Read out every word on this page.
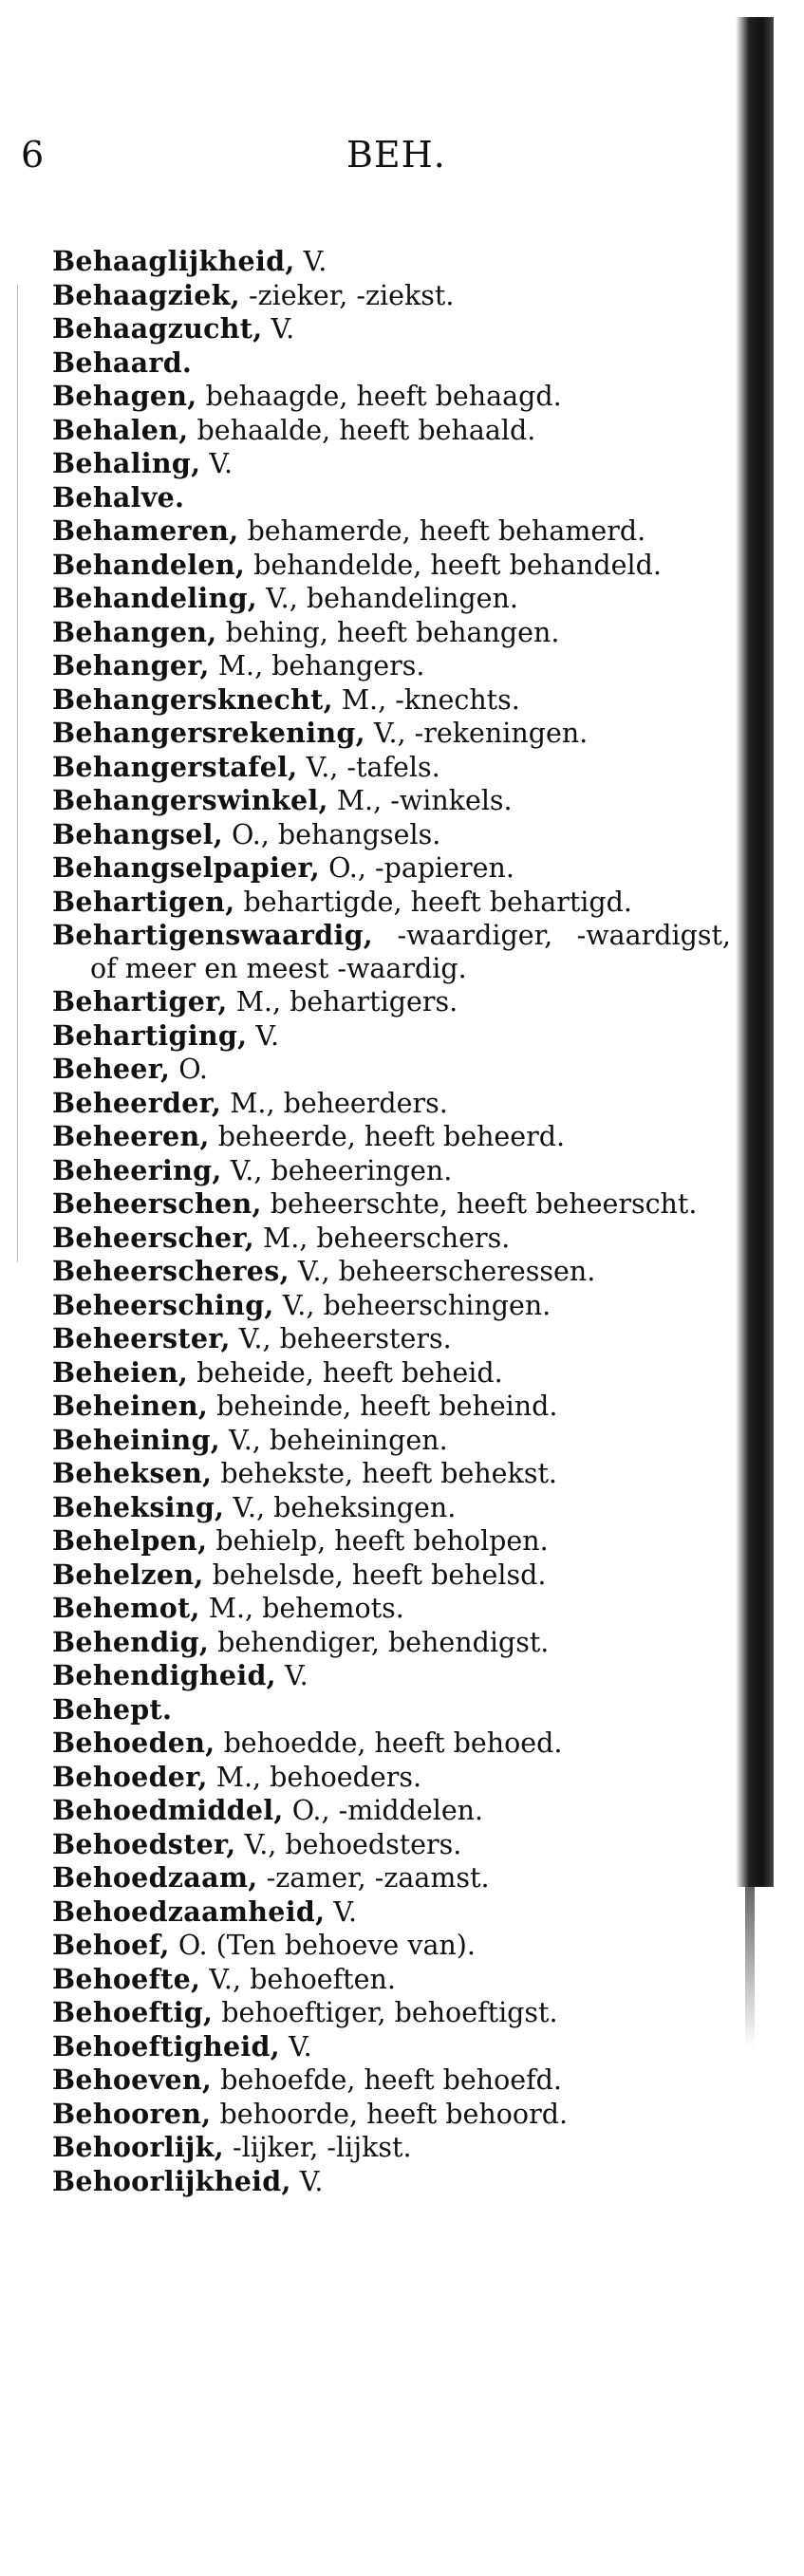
6	BEH.
Behaaglijkheid, V.
Behaagziek, -zieker, -ziekst.
Behaagzucht, V.
Behaard.
Behagen, behaagde, heeft behaagd.
Behalen, behaalde, heeft behaald.
Behaling, V.
Behalve.
Behameren, behamerde, heeft behamerd.
Behandelen, behandelde, heeft behandeld.
Behandeling, V., behandelingen.
Behangen, behing, heeft behangen.
Behanger, M., behangers.
Behangersknecht, M., -knechts.
Behangersrekening, V., -rekeningen.
Behangerstafel, V., -tafels.
Behangerswinkel, M., -winkels.
Behangsel, O., behangsels.
Behangselpapier, O., -papieren.
Behartigen, behartigde, heeft behartigd.
Behartigenswaardig, -waardiger, -waardigst, of meer en meest -waardig.
Behartiger, M., behartigers.
Behartiging, V.
Beheer, O.
Beheerder, M., beheerders.
Beheeren, beheerde, heeft beheerd.
Beheering, V., beheeringen.
Beheerschen, beheerschte, heeft beheerscht.
Beheerscher, M., beheerschers.
Beheerscheres, V., beheerscheressen.
Beheersching, V., beheerschingen.
Beheerster, V., beheersters.
Beheien, beheide, heeft beheid.
Beheinen, beheinde, heeft beheind.
Beheining, V., beheiningen.
Beheksen, behekste, heeft behekst.
Beheksing, V., beheksingen.
Behelpen, behielp, heeft beholpen.
Behelzen, behelsde, heeft behelsd.
Behemot, M., behemots.
Behendig, behendiger, behendigst.
Behendigheid, V.
Behept.
Behoeden, behoedde, heeft behoed.
Behoeder, M., behoeders.
Behoedmiddel, O., -middelen.
Behoedster, V., behoedsters.
Behoedzaam, -zamer, -zaamst.
Behoedzaamheid, V.
Behoef, O. (Ten behoeve van).
Behoefte, V., behoeften.
Behoeftig, behoeftiger, behoeftigst.
Behoeftigheid, V.
Behoeven, behoefde, heeft behoefd.
Behooren, behoorde, heeft behoord.
Behoorlijk, -lijker, -lijkst.
Behoorlijkheid, V.
